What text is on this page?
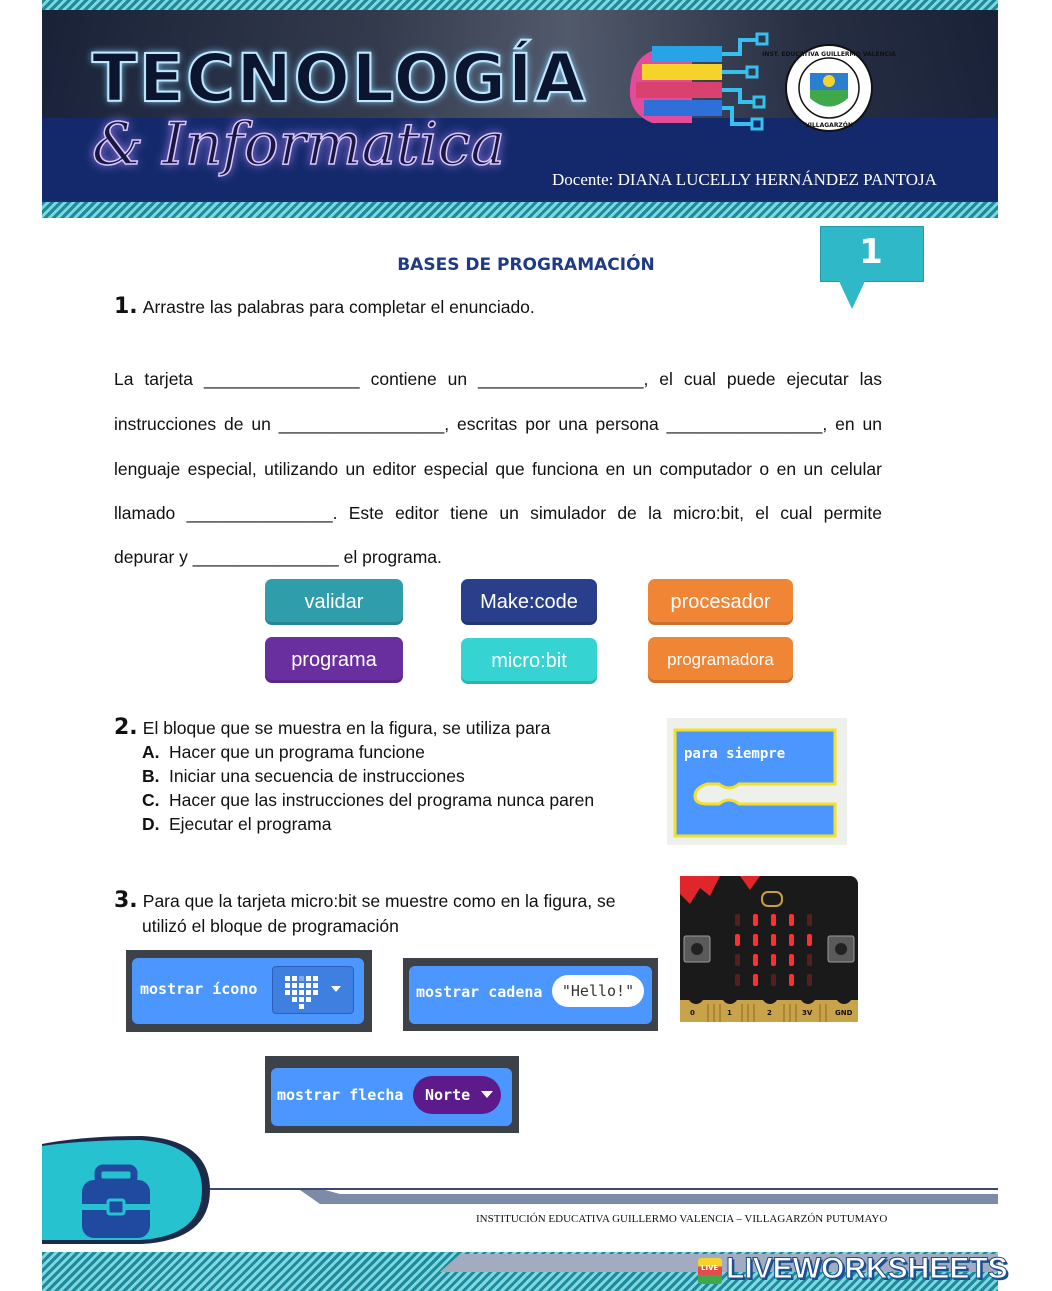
TECNOLOGÍA
& Informatica
Docente: DIANA LUCELLY HERNÁNDEZ PANTOJA
INST. EDUCATIVA GUILLERMO VALENCIA
VILLAGARZÓN
1
BASES DE PROGRAMACIÓN
1. Arrastre las palabras para completar el enunciado.
La tarjeta ________________ contiene un _________________, el cual puede ejecutar las
instrucciones de un _________________, escritas por una persona ________________, en un
lenguaje especial, utilizando un editor especial que funciona en un computador o en un celular
llamado _______________. Este editor tiene un simulador de la micro:bit, el cual permite
depurar y _______________ el programa.
validar	Make:code	procesador
programa	micro:bit	programadora
2. El bloque que se muestra en la figura, se utiliza para
A. Hacer que un programa funcione
B. Iniciar una secuencia de instrucciones
C. Hacer que las instrucciones del programa nunca paren
D. Ejecutar el programa
para siempre
3. Para que la tarjeta micro:bit se muestre como en la figura, se
utilizó el bloque de programación
mostrar ícono	mostrar cadena	"Hello!"
0	1	2	3V	GND
mostrar flecha Norte
INSTITUCIÓN EDUCATIVA GUILLERMO VALENCIA – VILLAGARZÓN PUTUMAYO
LIVE LIVEWORKSHEETS
